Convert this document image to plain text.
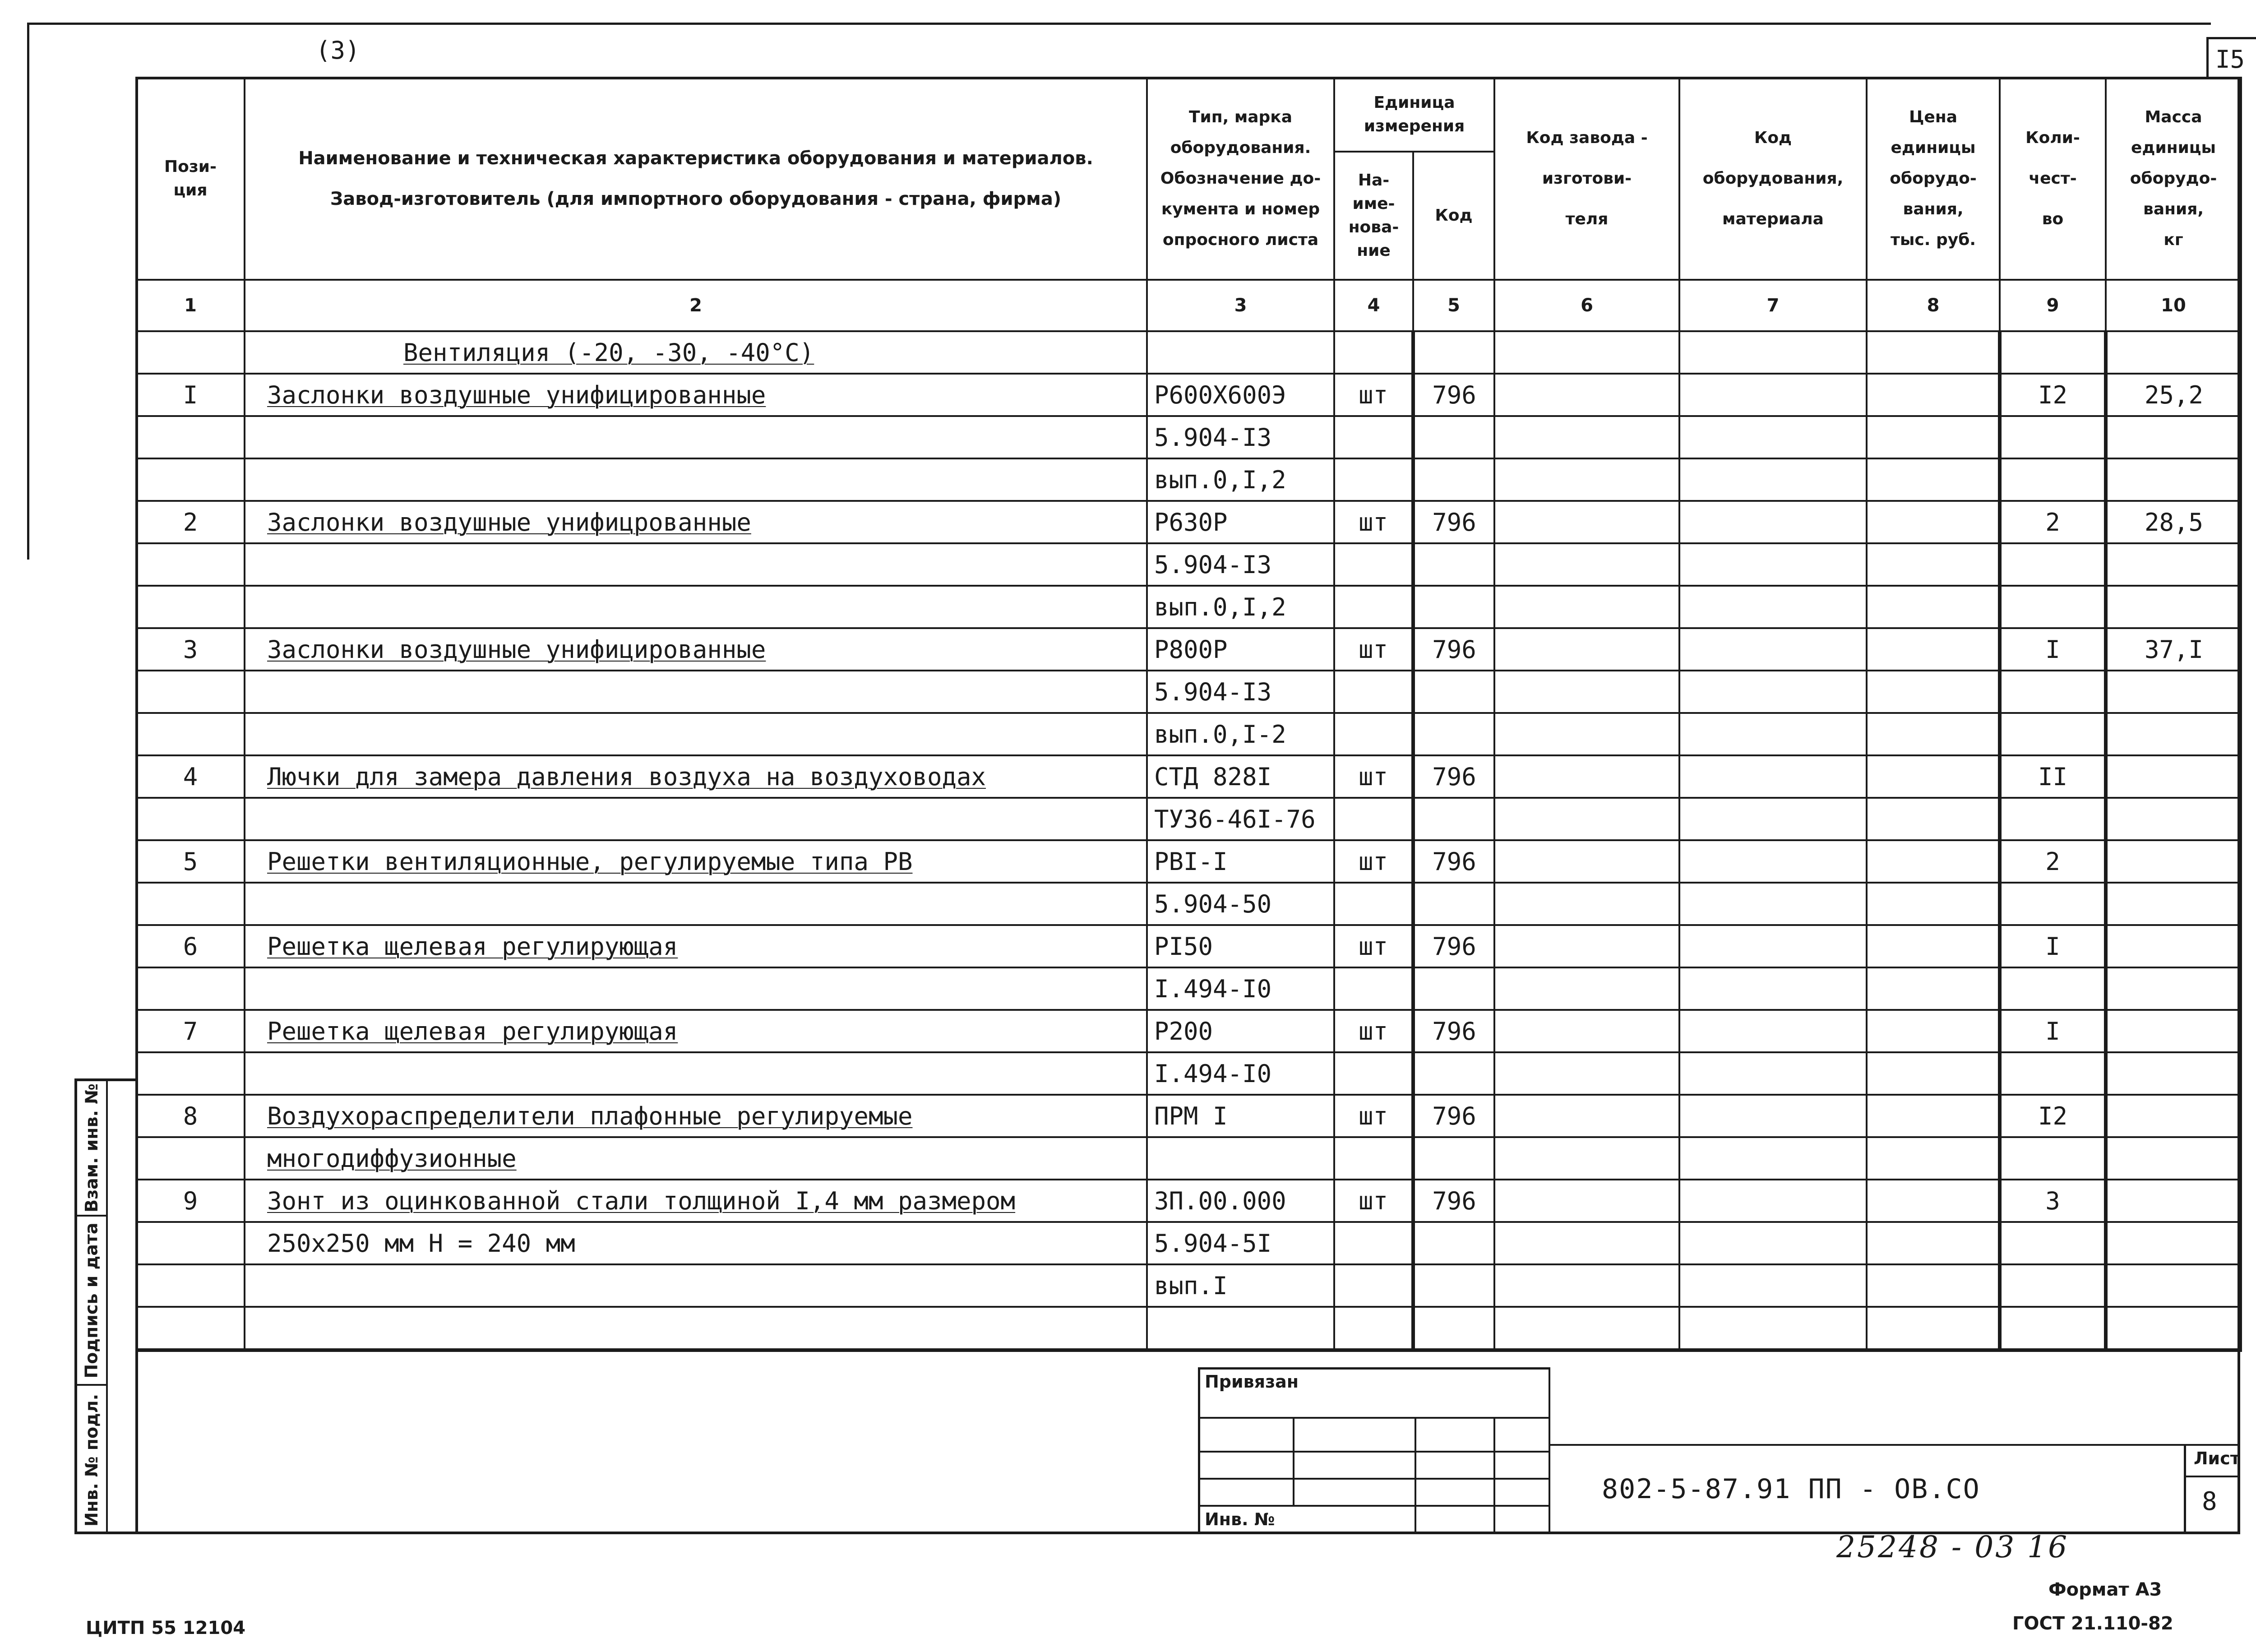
(3)	I5
Пози-
ция	Наименование и техническая характеристика оборудования и материалов.
Завод-изготовитель (для импортного оборудования - страна, фирма)	Тип, марка
оборудования.
Обозначение до-
кумента и номер
опросного листа	Единица
измерения		Код завода -
изготови-
теля	Код
оборудования,
материала	Цена
единицы
оборудо-
вания,
тыс. руб.	Коли-
чест-
во	Масса
единицы
оборудо-
вания,
кг
			На-
име-
нова-
ние	Код					
1	2	3	4	5	6	7	8	9	10
	Вентиляция (-20, -30, -40°С)								
I	Заслонки воздушные унифицированные	Р600Х600Э	шт	796				I2	25,2
		5.904-I3							
		вып.0,I,2							
2	Заслонки воздушные унифицрованные	Р630Р	шт	796				2	28,5
		5.904-I3							
		вып.0,I,2							
3	Заслонки воздушные унифицированные	Р800Р	шт	796				I	37,I
		5.904-I3							
		вып.0,I-2							
4	Лючки для замера давления воздуха на воздуховодах	СТД 828I	шт	796				II	
		ТУ36-46I-76							
5	Решетки вентиляционные, регулируемые типа РВ	РВI-I	шт	796				2	
		5.904-50							
6	Решетка щелевая регулирующая	РI50	шт	796				I	
		I.494-I0							
7	Решетка щелевая регулирующая	Р200	шт	796				I	
		I.494-I0							
8	Воздухораспределители плафонные регулируемые	ПРМ I	шт	796				I2	
	многодиффузионные								
9	Зонт из оцинкованной стали толщиной I,4 мм размером	ЗП.00.000	шт	796				3	
	250х250 мм Н = 240 мм	5.904-5I							
		вып.I							

Взам. инв. №
Подпись и дата
Инв. № подл.
Привязан
Инв. №
802-5-87.91 ПП - ОВ.СО
Лист
8
25248 - 03 16
Формат А3
ГОСТ 21.110-82
ЦИТП 55 12104
